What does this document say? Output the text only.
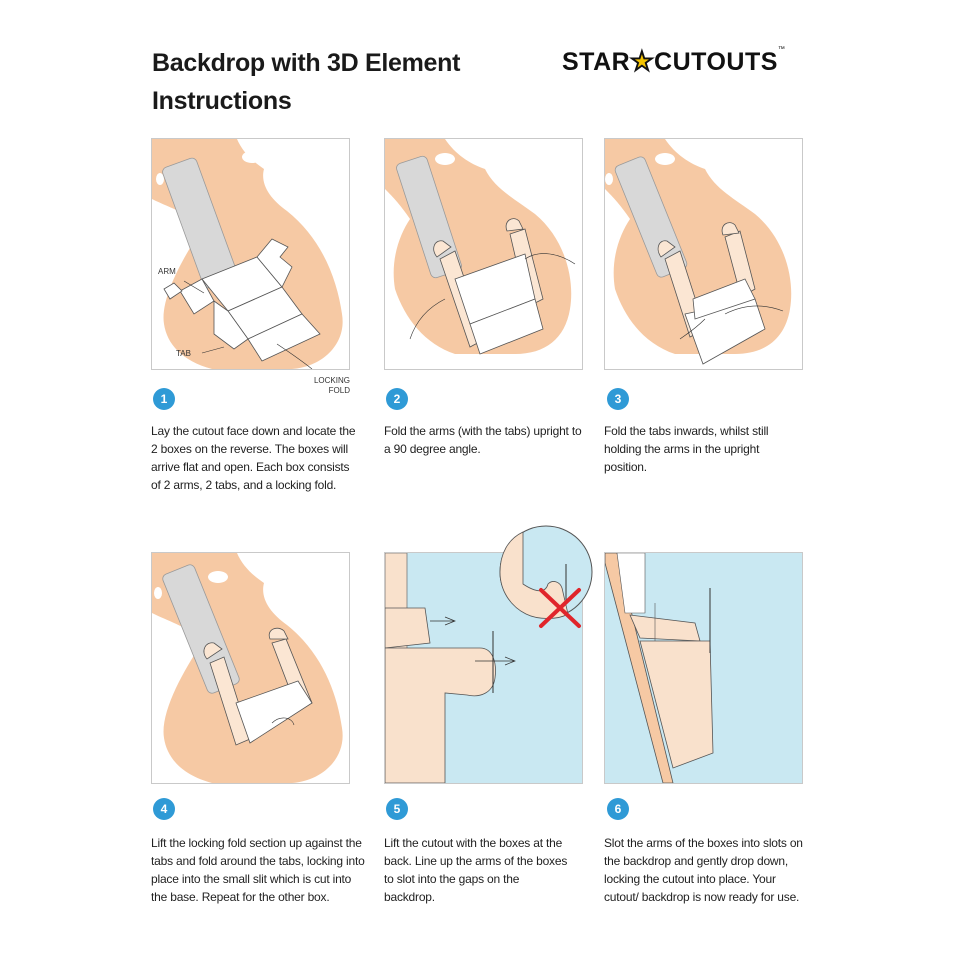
Backdrop with 3D Element Instructions
STAR★CUTOUTS™
ARM
TAB
LOCKING FOLD
1	2	3
4	5	6
Lay the cutout face down and locate the 2 boxes on the reverse. The boxes will arrive flat and open. Each box consists of 2 arms, 2 tabs, and a locking fold.
Fold the arms (with the tabs) upright to a 90 degree angle.
Fold the tabs inwards, whilst still holding the arms in the upright position.
Lift the locking fold section up against the tabs and fold around the tabs, locking into place into the small slit which is cut into the base. Repeat for the other box.
Lift the cutout with the boxes at the back. Line up the arms of the boxes to slot into the gaps on the backdrop.
Slot the arms of the boxes into slots on the backdrop and gently drop down, locking the cutout into place. Your cutout/ backdrop is now ready for use.
